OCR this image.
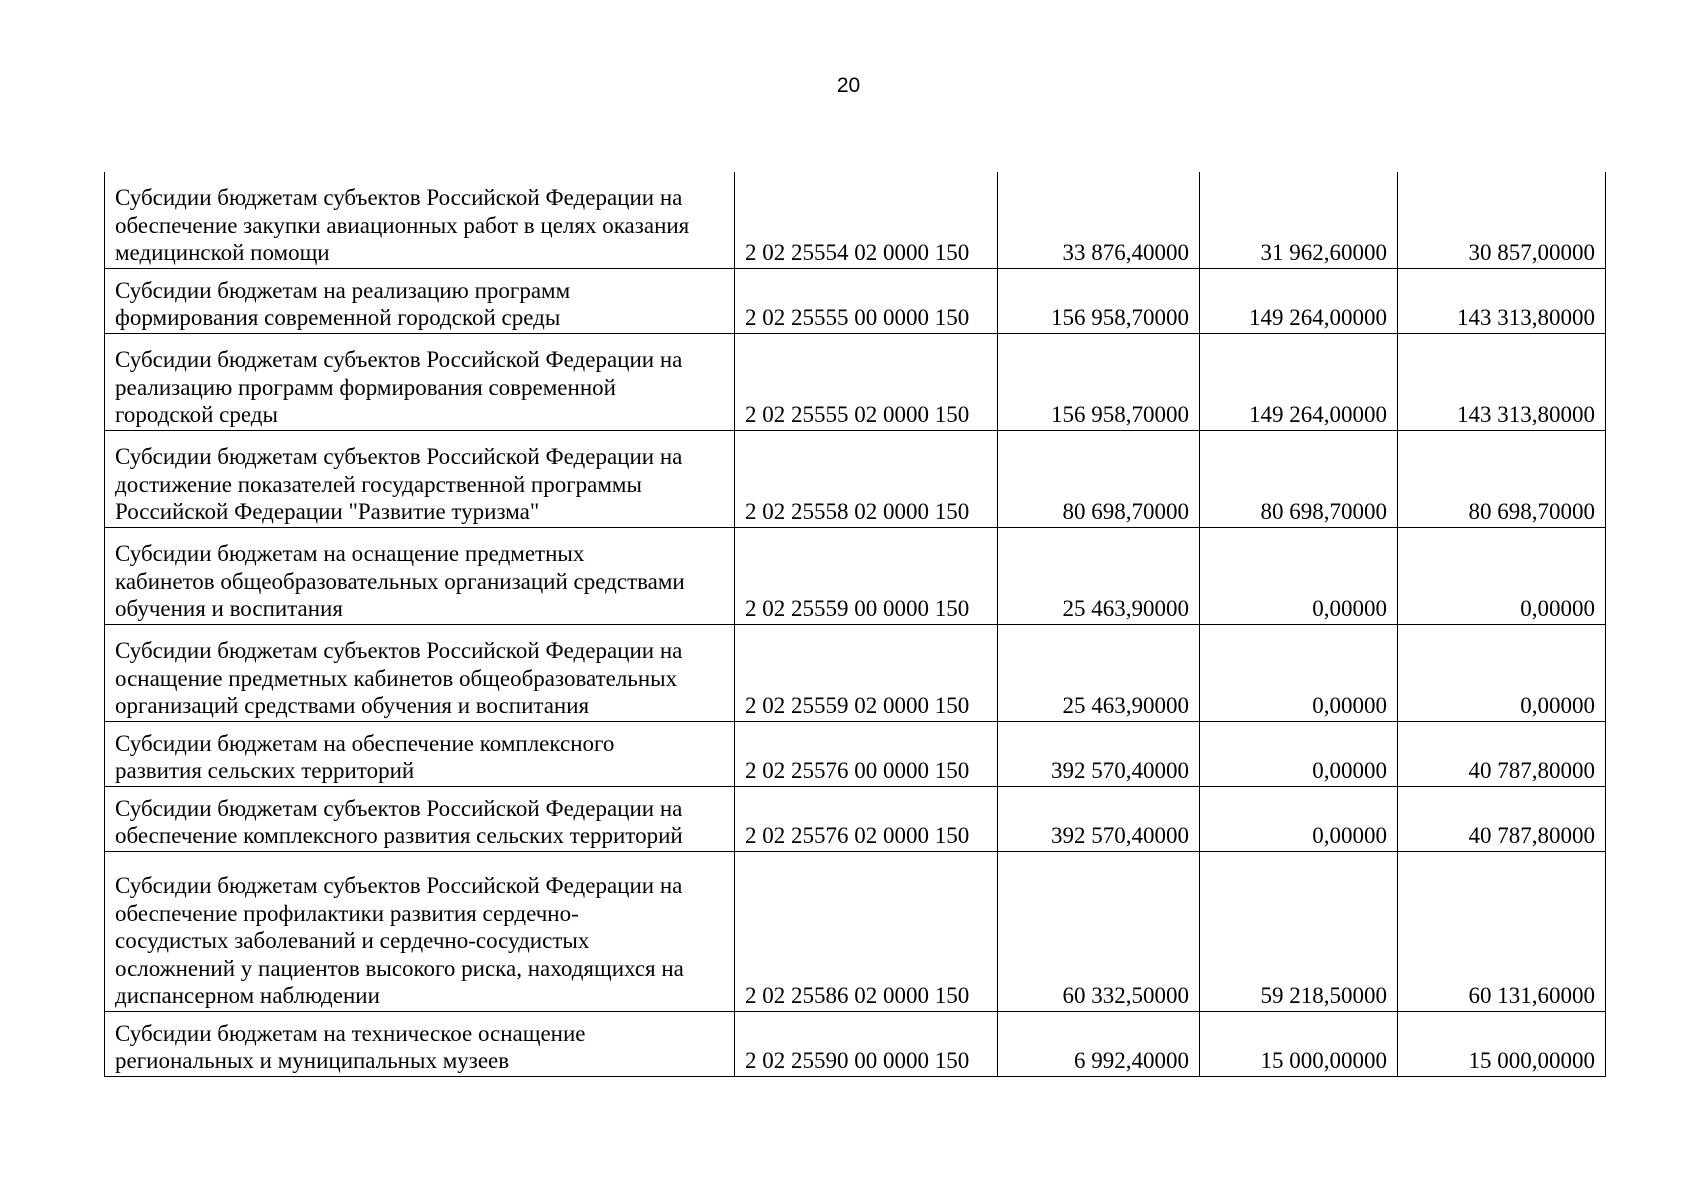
20
Субсидии бюджетам субъектов Российской Федерации на
обеспечение закупки авиационных работ в целях оказания
медицинской помощи	2 02 25554 02 0000 150	33 876,40000	31 962,60000	30 857,00000
Субсидии бюджетам на реализацию программ
формирования современной городской среды	2 02 25555 00 0000 150	156 958,70000	149 264,00000	143 313,80000
Субсидии бюджетам субъектов Российской Федерации на
реализацию программ формирования современной
городской среды	2 02 25555 02 0000 150	156 958,70000	149 264,00000	143 313,80000
Субсидии бюджетам субъектов Российской Федерации на
достижение показателей государственной программы
Российской Федерации "Развитие туризма"	2 02 25558 02 0000 150	80 698,70000	80 698,70000	80 698,70000
Субсидии бюджетам на оснащение предметных
кабинетов общеобразовательных организаций средствами
обучения и воспитания	2 02 25559 00 0000 150	25 463,90000	0,00000	0,00000
Субсидии бюджетам субъектов Российской Федерации на
оснащение предметных кабинетов общеобразовательных
организаций средствами обучения и воспитания	2 02 25559 02 0000 150	25 463,90000	0,00000	0,00000
Субсидии бюджетам на обеспечение комплексного
развития сельских территорий	2 02 25576 00 0000 150	392 570,40000	0,00000	40 787,80000
Субсидии бюджетам субъектов Российской Федерации на
обеспечение комплексного развития сельских территорий	2 02 25576 02 0000 150	392 570,40000	0,00000	40 787,80000
Субсидии бюджетам субъектов Российской Федерации на
обеспечение профилактики развития сердечно-
сосудистых заболеваний и сердечно-сосудистых
осложнений у пациентов высокого риска, находящихся на
диспансерном наблюдении	2 02 25586 02 0000 150	60 332,50000	59 218,50000	60 131,60000
Субсидии бюджетам на техническое оснащение
региональных и муниципальных музеев	2 02 25590 00 0000 150	6 992,40000	15 000,00000	15 000,00000
